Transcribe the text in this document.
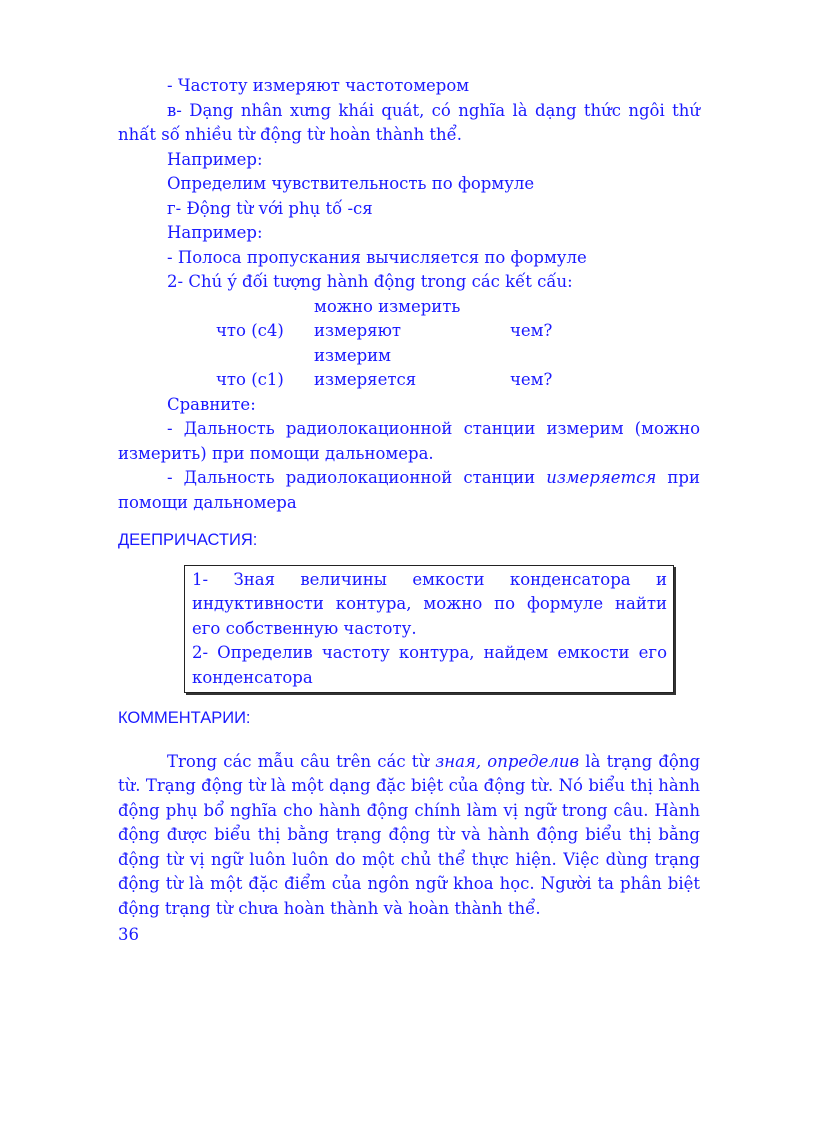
- Частоту измеряют частотомером

в- Dạng nhân xưng khái quát, có nghĩa là dạng thức ngôi thứ nhất số nhiều từ động từ hoàn thành thể.

Например:

Определим чувствительность по формуле

г- Động từ với phụ tố -ся

Например:

- Полоса пропускания вычисляется по формуле

2- Chú ý đối tượng hành động trong các kết cấu:

можно измерить
что (с4) измеряют	чем?
измерим
что (с1) измеряется	чем?

Сравните:

- Дальность радиолокационной станции измерим (можно измерить) при помощи дальномера.

- Дальность радиолокационной станции измеряется при помощи дальномера

ДЕЕПРИЧАСТИЯ:

1- Зная величины емкости конденсатора и индуктивности контура, можно по формуле найти его собственную частоту.

2- Определив частоту контура, найдем емкости его конденсатора

КОММЕНТАРИИ:

Trong các mẫu câu trên các từ зная, определив là trạng động từ. Trạng động từ là một dạng đặc biệt của động từ. Nó biểu thị hành động phụ bổ nghĩa cho hành động chính làm vị ngữ trong câu. Hành động được biểu thị bằng trạng động từ và hành động biểu thị bằng động từ vị ngữ luôn luôn do một chủ thể thực hiện. Việc dùng trạng động từ là một đặc điểm của ngôn ngữ khoa học. Người ta phân biệt động trạng từ chưa hoàn thành và hoàn thành thể.

36
